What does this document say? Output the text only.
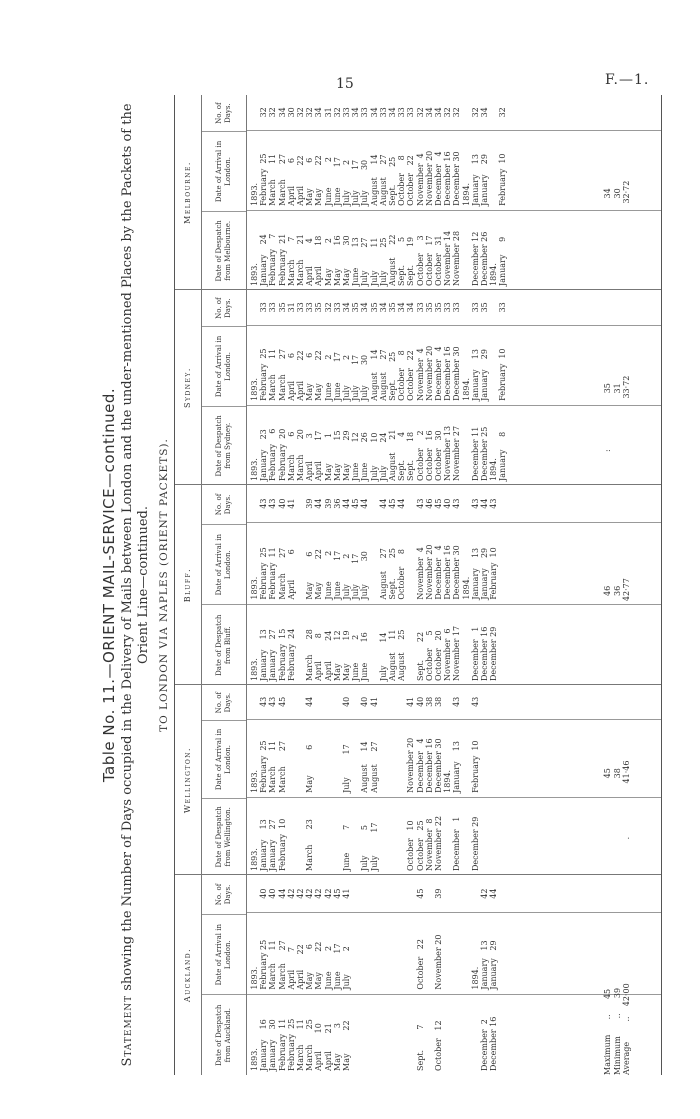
15	F.—1.
Table No. 11.—ORIENT MAIL-SERVICE—continued.
Statement showing the Number of Days occupied in the Delivery of Mails between London and the under-mentioned Places by the Packets of the Orient Line—continued. TO LONDON VIA NAPLES (ORIENT PACKETS).
Auckland.
Date of Despatch from Auckland.
Date of Arrival in London.
No. of Days.
1893.
January    16
January    30
February  11
February  25
March      11
March      25
April       10
April       21
May          3
May         22

Sept.        7

October   12

December  2
December 16
1893.
February 25
March     11
March     27
April       7
April      22
May         6
May        22
June        2
June       17
July         2

October   22

November 20

1894.
January   13
January   29

40
40
44
42
42
42
42
42
45
41

45

39

42
44
Maximum      ..      45
Minimum       ..      39
Average        ..    42·00
Wellington.
Date of Despatch from Wellington.
Date of Arrival in London.
No. of Days.
1893.
January    13
January    27
February  10

March      23

June         7

July          5
July         17

October   10
October   25
November  8
November 22

December   1

December 29
1893.
February  25
March      11
March      27

May          6

July         17

August     14
August     27

November 20
December   4
December 16
December 30
1894.
January    13

February  10

43
43
45

44

40

40
41

41
40
38
38

43

43
45
38
.                     41·46
Bluff.
Date of Despatch from Bluff.
Date of Arrival in London.
No. of Days.
1893.
January    13
January    27
February  15
February  24

March      28
April         8
April        24
May         12
May         19
June         2
June        16

July         14
August     11
August     25

Sept.       22
October     5
October   20
November  6
November 17

December   1
December 16
December 29
1893.
February  25
February  11
March      27
April          6

May          6
May         22
June          2
June        17
July          2
July        17
July         30

August     27
Sept.        25
October     8

November  4
November 20
December   4
December 16
December 30
1894.
January    13
January    29
February  10

43
43
40
41

39
44
39
36
44
45
44

44
45
44

43
46
45
40
43

43
44
43
46
36
42·77
Sydney.
Date of Despatch from Sydney.
Date of Arrival in London.
No. of Days.
1893.
January    23
February    6
February  20
March       6
March      20
April         3
April        17
May          1
May         15
May         29
June        12
June        26
July         10
July         24
August     21
Sept.         4
Sept.       18
October     2
October   16
October   30
November 13
November 27

December 11
December 25
1894.
January     8
1893.
February  25
March      11
March      27
April         6
April        22
May          6
May         22
June         2
June        17
July          2
July        17
July        30
August     14
August     27
Sept.       25
October     8
October   22
November  4
November 20
December   4
December 16
December 30
1894.
January    13
January    29

February  10

33
33
35
31
33
33
35
32
33
34
35
34
35
34
35
34
34
33
35
35
33
33

33
35

33
:                      35
31
33·72
Melbourne.
Date of Despatch from Melbourne.
Date of Arrival in London.
No. of Days.
1893.
January    24
February    7
February  21
March       7
March      21
April         4
April        18
May          2
May         16
May         30
June        13
July         27
July         11
July         25
August     22
Sept.         5
Sept.       19
October     3
October   17
October   31
November 14
November 28

December 12
December 26
1894.
January     9
1893.
February  25
March      11
March      27
April         6
April        22
May          6
May         22
June          2
June        17
July          2
July        17
July        30
August     14
August     27
Sept.       25
October     8
October   22
November  4
November 20
December   4
December 16
December 30
1894.
January    13
January    29

February  10

32
32
34
30
32
32
34
31
32
33
34
33
34
33
34
33
33
32
34
34
32
32

32
34

32
34
30
32·72
